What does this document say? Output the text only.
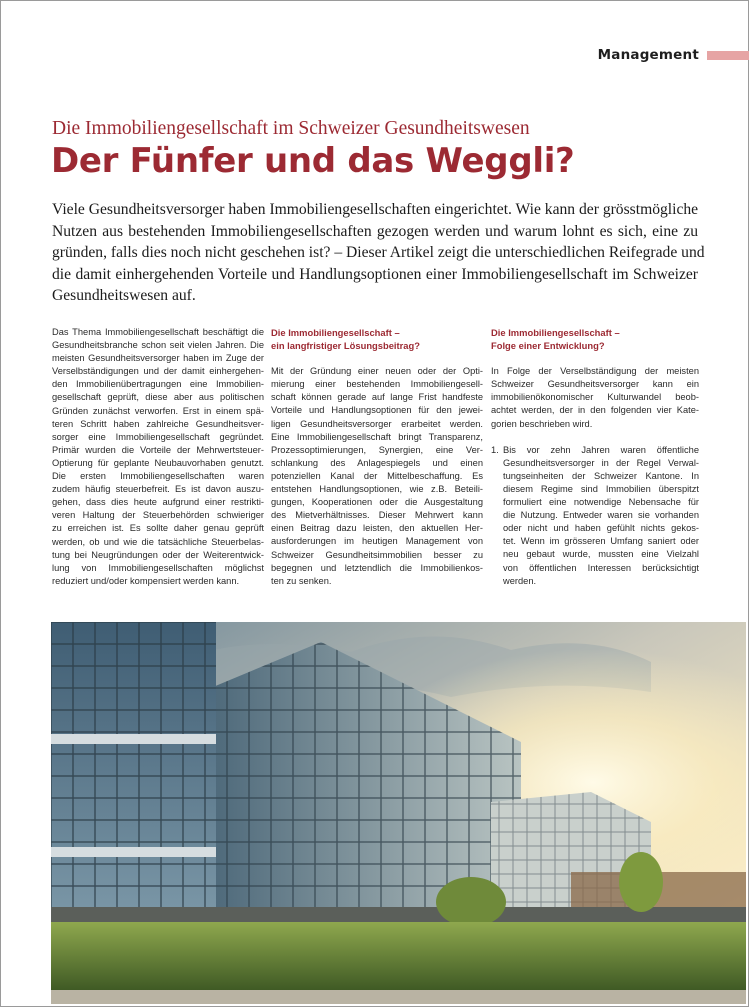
Management
Die Immobiliengesellschaft im Schweizer Gesundheitswesen
Der Fünfer und das Weggli?

Viele Gesundheitsversorger haben Immobiliengesellschaften eingerichtet. Wie kann der grösstmögliche
Nutzen aus bestehenden Immobiliengesellschaften gezogen werden und warum lohnt es sich, eine zu
gründen, falls dies noch nicht geschehen ist? – Dieser Artikel zeigt die unterschiedlichen Reifegrade und
die damit einhergehenden Vorteile und Handlungsoptionen einer Immobiliengesellschaft im Schweizer
Gesundheitswesen auf.

Das Thema Immobiliengesellschaft beschäftigt die
Gesundheitsbranche schon seit vielen Jahren. Die
meisten Gesundheitsversorger haben im Zuge der
Verselbständigungen und der damit einhergehen-
den Immobilienübertragungen eine Immobilien-
gesellschaft geprüft, diese aber aus politischen
Gründen zunächst verworfen. Erst in einem spä-
teren Schritt haben zahlreiche Gesundheitsver-
sorger eine Immobiliengesellschaft gegründet.
Primär wurden die Vorteile der Mehrwertsteuer-
Optierung für geplante Neubauvorhaben genutzt.
Die ersten Immobiliengesellschaften waren
zudem häufig steuerbefreit. Es ist davon auszu-
gehen, dass dies heute aufgrund einer restrikti-
veren Haltung der Steuerbehörden schwieriger
zu erreichen ist. Es sollte daher genau geprüft
werden, ob und wie die tatsächliche Steuerbelas-
tung bei Neugründungen oder der Weiterentwick-
lung von Immobiliengesellschaften möglichst
reduziert und/oder kompensiert werden kann.
Die Immobiliengesellschaft –
ein langfristiger Lösungsbeitrag?
Mit der Gründung einer neuen oder der Opti-
mierung einer bestehenden Immobiliengesell-
schaft können gerade auf lange Frist handfeste
Vorteile und Handlungsoptionen für den jewei-
ligen Gesundheitsversorger erarbeitet werden.
Eine Immobiliengesellschaft bringt Transparenz,
Prozessoptimierungen, Synergien, eine Ver-
schlankung des Anlagespiegels und einen
potenziellen Kanal der Mittelbeschaffung. Es
entstehen Handlungsoptionen, wie z.B. Beteili-
gungen, Kooperationen oder die Ausgestaltung
des Mietverhältnisses. Dieser Mehrwert kann
einen Beitrag dazu leisten, den aktuellen Her-
ausforderungen im heutigen Management von
Schweizer Gesundheitsimmobilien besser zu
begegnen und letztendlich die Immobilienkos-
ten zu senken.
Die Immobiliengesellschaft –
Folge einer Entwicklung?
In Folge der Verselbständigung der meisten
Schweizer Gesundheitsversorger kann ein
immobilienökonomischer Kulturwandel beob-
achtet werden, der in den folgenden vier Kate-
gorien beschrieben wird.
1. Bis vor zehn Jahren waren öffentliche
Gesundheitsversorger in der Regel Verwal-
tungseinheiten der Schweizer Kantone. In
diesem Regime sind Immobilien überspitzt
formuliert eine notwendige Nebensache für
die Nutzung. Entweder waren sie vorhanden
oder nicht und haben gefühlt nichts gekos-
tet. Wenn im grösseren Umfang saniert oder
neu gebaut wurde, mussten eine Vielzahl
von öffentlichen Interessen berücksichtigt
werden.
